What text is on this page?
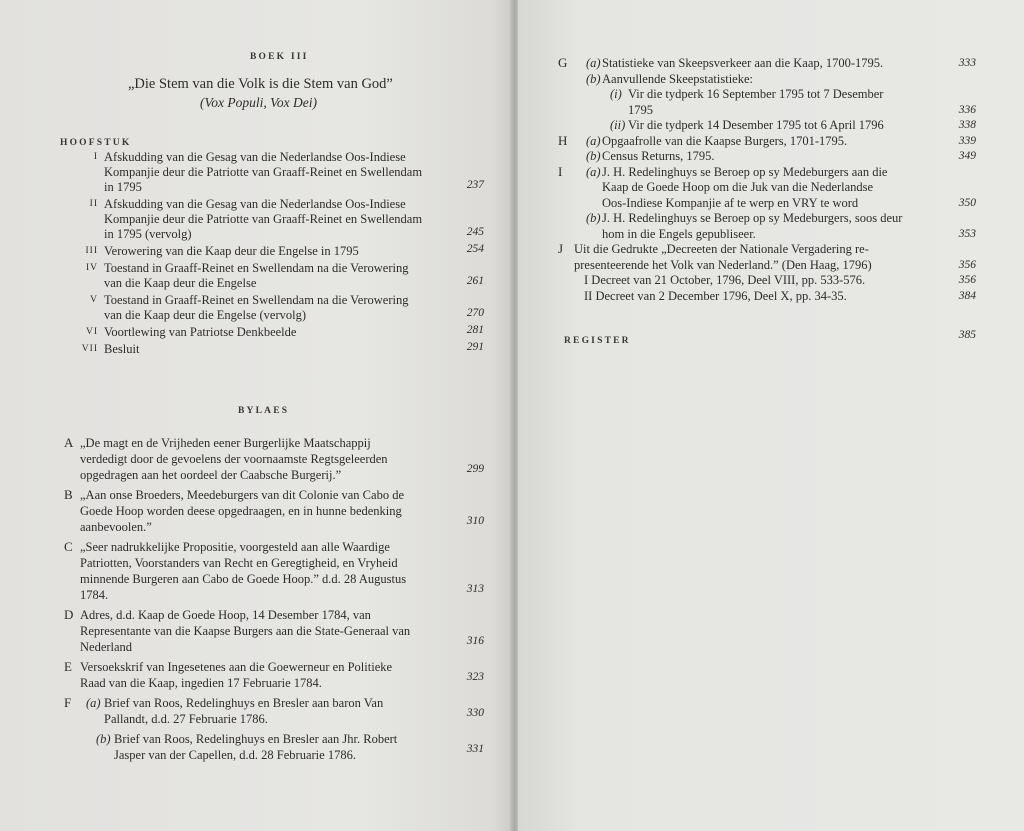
BOEK III
„Die Stem van die Volk is die Stem van God”
(Vox Populi, Vox Dei)
HOOFSTUK
I Afskudding van die Gesag van die Nederlandse Oos-Indiese
Kompanjie deur die Patriotte van Graaff-Reinet en Swellendam
in 1795	237
II Afskudding van die Gesag van die Nederlandse Oos-Indiese
Kompanjie deur die Patriotte van Graaff-Reinet en Swellendam
in 1795 (vervolg)	245
III Verowering van die Kaap deur die Engelse in 1795	254
IV Toestand in Graaff-Reinet en Swellendam na die Verowering
van die Kaap deur die Engelse	261
V Toestand in Graaff-Reinet en Swellendam na die Verowering
van die Kaap deur die Engelse (vervolg)	270
VI Voortlewing van Patriotse Denkbeelde	281
VII Besluit	291
BYLAES
A „De magt en de Vrijheden eener Burgerlijke Maatschappij
verdedigt door de gevoelens der voornaamste Regtsgeleerden
opgedragen aan het oordeel der Caabsche Burgerij.”	299
B „Aan onse Broeders, Meedeburgers van dit Colonie van Cabo de
Goede Hoop worden deese opgedraagen, en in hunne bedenking
aanbevoolen.”	310
C „Seer nadrukkelijke Propositie, voorgesteld aan alle Waardige
Patriotten, Voorstanders van Recht en Geregtigheid, en Vryheid
minnende Burgeren aan Cabo de Goede Hoop.” d.d. 28 Augustus
1784.	313
D Adres, d.d. Kaap de Goede Hoop, 14 Desember 1784, van
Representante van die Kaapse Burgers aan die State-Generaal van
Nederland	316
E Versoekskrif van Ingesetenes aan die Goewerneur en Politieke
Raad van die Kaap, ingedien 17 Februarie 1784.	323
F (a) Brief van Roos, Redelinghuys en Bresler aan baron Van
Pallandt, d.d. 27 Februarie 1786.	330
(b) Brief van Roos, Redelinghuys en Bresler aan Jhr. Robert
Jasper van der Capellen, d.d. 28 Februarie 1786.	331
G (a) Statistieke van Skeepsverkeer aan die Kaap, 1700-1795.	333
(b) Aanvullende Skeepstatistieke:
(i) Vir die tydperk 16 September 1795 tot 7 Desember
1795	336
(ii) Vir die tydperk 14 Desember 1795 tot 6 April 1796	338
H (a) Opgaafrolle van die Kaapse Burgers, 1701-1795.	339
(b) Census Returns, 1795.	349
I (a) J. H. Redelinghuys se Beroep op sy Medeburgers aan die
Kaap de Goede Hoop om die Juk van die Nederlandse
Oos-Indiese Kompanjie af te werp en VRY te word	350
(b) J. H. Redelinghuys se Beroep op sy Medeburgers, soos deur
hom in die Engels gepubliseer.	353
J Uit die Gedrukte „Decreeten der Nationale Vergadering re-
presenteerende het Volk van Nederland.” (Den Haag, 1796)	356
I Decreet van 21 October, 1796, Deel VIII, pp. 533-576.	356
II Decreet van 2 December 1796, Deel X, pp. 34-35.	384
REGISTER	385
